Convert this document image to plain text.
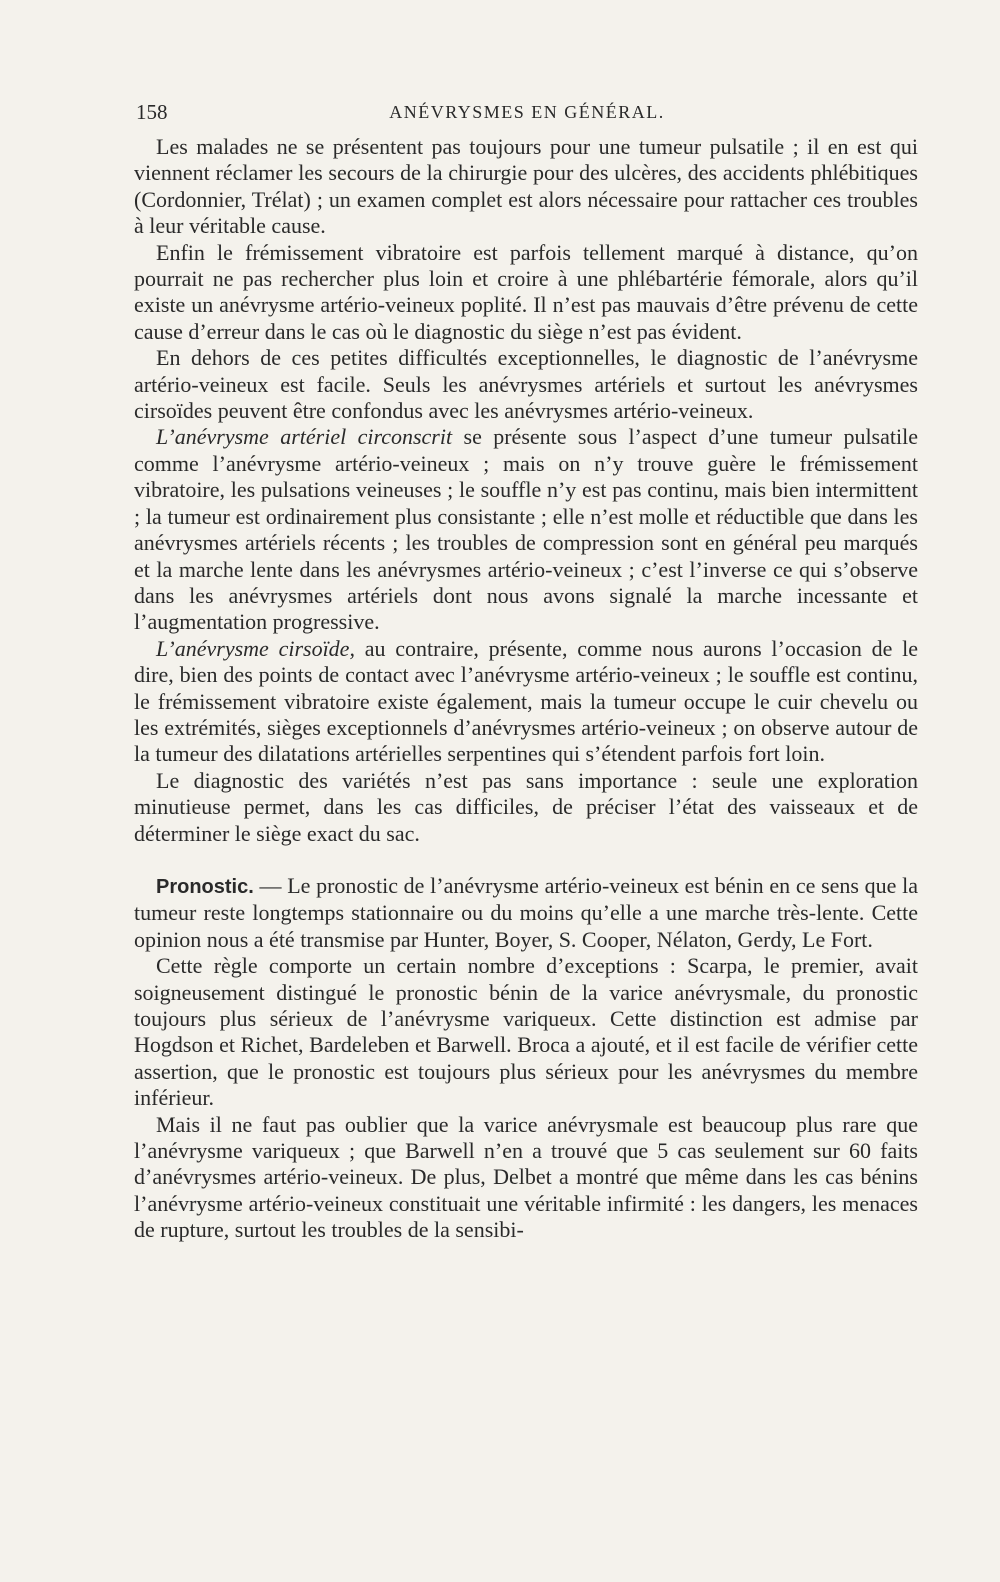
158	ANÉVRYSMES EN GÉNÉRAL.

Les malades ne se présentent pas toujours pour une tumeur pulsatile ; il en est qui viennent réclamer les secours de la chirurgie pour des ulcères, des accidents phlébitiques (Cordonnier, Trélat) ; un examen complet est alors nécessaire pour rattacher ces troubles à leur véritable cause.

Enfin le frémissement vibratoire est parfois tellement marqué à distance, qu’on pourrait ne pas rechercher plus loin et croire à une phlébartérie fémorale, alors qu’il existe un anévrysme artério-veineux poplité. Il n’est pas mauvais d’être prévenu de cette cause d’erreur dans le cas où le diagnostic du siège n’est pas évident.

En dehors de ces petites difficultés exceptionnelles, le diagnostic de l’anévrysme artério-veineux est facile. Seuls les anévrysmes artériels et surtout les anévrysmes cirsoïdes peuvent être confondus avec les anévrysmes artério-veineux.

L’anévrysme artériel circonscrit se présente sous l’aspect d’une tumeur pulsatile comme l’anévrysme artério-veineux ; mais on n’y trouve guère le frémissement vibratoire, les pulsations veineuses ; le souffle n’y est pas continu, mais bien intermittent ; la tumeur est ordinairement plus consistante ; elle n’est molle et réductible que dans les anévrysmes artériels récents ; les troubles de compression sont en général peu marqués et la marche lente dans les anévrysmes artério-veineux ; c’est l’inverse ce qui s’observe dans les anévrysmes artériels dont nous avons signalé la marche incessante et l’augmentation progressive.

L’anévrysme cirsoïde, au contraire, présente, comme nous aurons l’occasion de le dire, bien des points de contact avec l’anévrysme artério-veineux ; le souffle est continu, le frémissement vibratoire existe également, mais la tumeur occupe le cuir chevelu ou les extrémités, sièges exceptionnels d’anévrysmes artério-veineux ; on observe autour de la tumeur des dilatations artérielles serpentines qui s’étendent parfois fort loin.

Le diagnostic des variétés n’est pas sans importance : seule une exploration minutieuse permet, dans les cas difficiles, de préciser l’état des vaisseaux et de déterminer le siège exact du sac.

Pronostic. — Le pronostic de l’anévrysme artério-veineux est bénin en ce sens que la tumeur reste longtemps stationnaire ou du moins qu’elle a une marche très-lente. Cette opinion nous a été transmise par Hunter, Boyer, S. Cooper, Nélaton, Gerdy, Le Fort.

Cette règle comporte un certain nombre d’exceptions : Scarpa, le premier, avait soigneusement distingué le pronostic bénin de la varice anévrysmale, du pronostic toujours plus sérieux de l’anévrysme variqueux. Cette distinction est admise par Hogdson et Richet, Bardeleben et Barwell. Broca a ajouté, et il est facile de vérifier cette assertion, que le pronostic est toujours plus sérieux pour les anévrysmes du membre inférieur.

Mais il ne faut pas oublier que la varice anévrysmale est beaucoup plus rare que l’anévrysme variqueux ; que Barwell n’en a trouvé que 5 cas seulement sur 60 faits d’anévrysmes artério-veineux. De plus, Delbet a montré que même dans les cas bénins l’anévrysme artério-veineux constituait une véritable infirmité : les dangers, les menaces de rupture, surtout les troubles de la sensibi-
